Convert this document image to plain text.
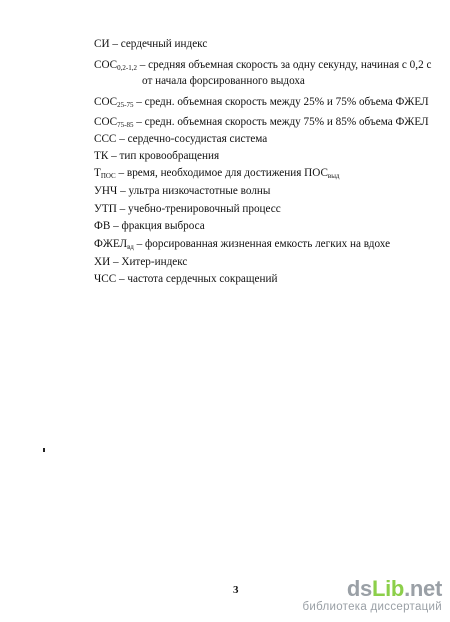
СИ – сердечный индекс
$СОС_{0,2-1,2}$ – средняя объемная скорость за одну секунду, начиная с 0,2 с
от начала форсированного выдоха
$СОС_{25-75}$ – средн. объемная скорость между 25% и 75% объема ФЖЕЛ
$СОС_{75-85}$ – средн. объемная скорость между 75% и 85% объема ФЖЕЛ
ССС – сердечно-сосудистая система
ТК – тип кровообращения
$Т_{ПОС}$ – время, необходимое для достижения $ПОС_{выд}$
УНЧ – ультра низкочастотные волны
УТП – учебно-тренировочный процесс
ФВ – фракция выброса
$ФЖЕЛ_{вд}$ – форсированная жизненная емкость легких на вдохе
ХИ – Хитер-индекс
ЧСС – частота сердечных сокращений
3	dsLib.net
библиотека диссертаций
